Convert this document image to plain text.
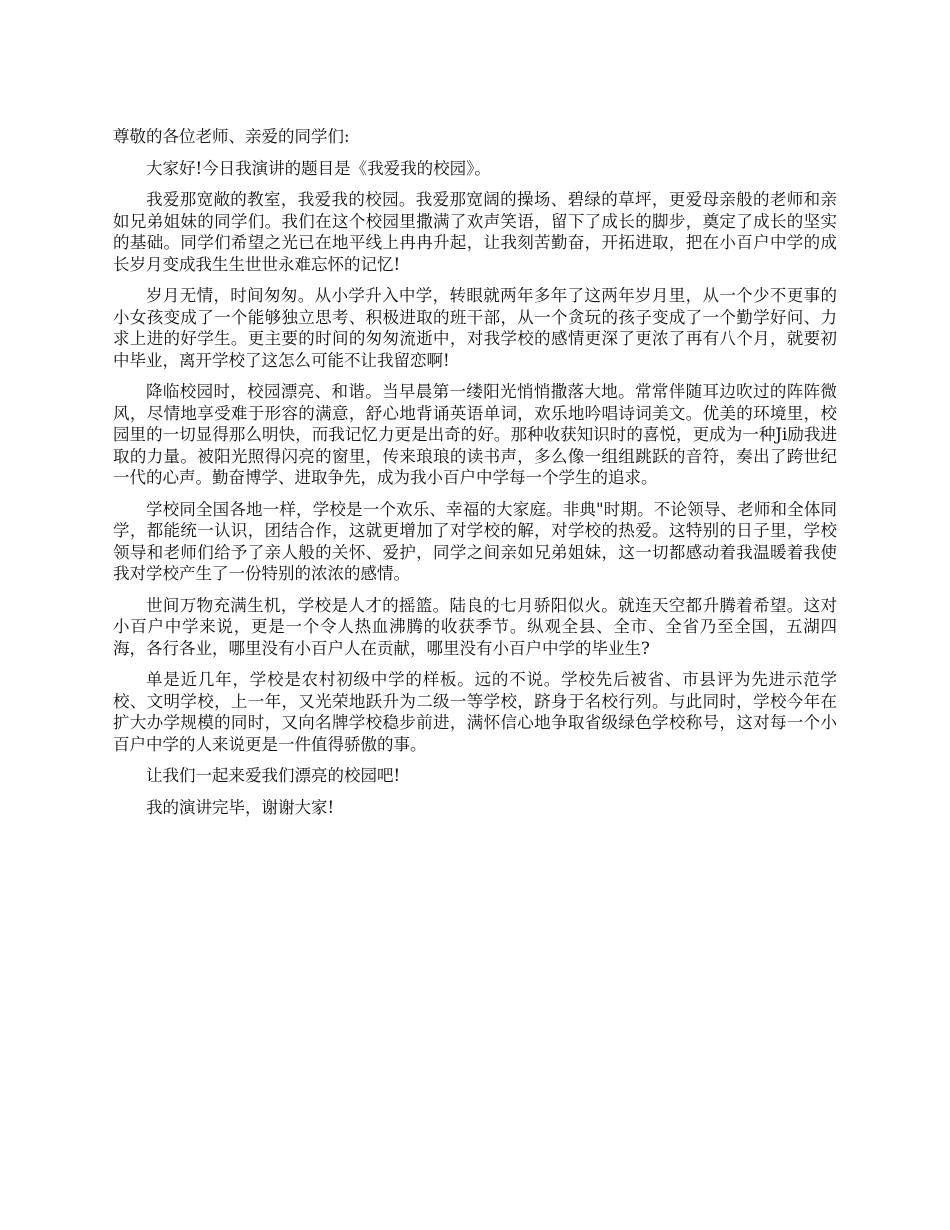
尊敬的各位老师、亲爱的同学们:

大家好!今日我演讲的题目是《我爱我的校园》。

我爱那宽敞的教室，我爱我的校园。我爱那宽阔的操场、碧绿的草坪，更爱母亲般的老师和亲如兄弟姐妹的同学们。我们在这个校园里撒满了欢声笑语，留下了成长的脚步，奠定了成长的坚实的基础。同学们希望之光已在地平线上冉冉升起，让我刻苦勤奋，开拓进取，把在小百户中学的成长岁月变成我生生世世永难忘怀的记忆!

岁月无情，时间匆匆。从小学升入中学，转眼就两年多年了这两年岁月里，从一个少不更事的小女孩变成了一个能够独立思考、积极进取的班干部，从一个贪玩的孩子变成了一个勤学好问、力求上进的好学生。更主要的时间的匆匆流逝中，对我学校的感情更深了更浓了再有八个月，就要初中毕业，离开学校了这怎么可能不让我留恋啊!

降临校园时，校园漂亮、和谐。当早晨第一缕阳光悄悄撒落大地。常常伴随耳边吹过的阵阵微风，尽情地享受难于形容的满意，舒心地背诵英语单词，欢乐地吟唱诗词美文。优美的环境里，校园里的一切显得那么明快，而我记忆力更是出奇的好。那种收获知识时的喜悦，更成为一种Ji励我进取的力量。被阳光照得闪亮的窗里，传来琅琅的读书声，多么像一组组跳跃的音符，奏出了跨世纪一代的心声。勤奋博学、进取争先，成为我小百户中学每一个学生的追求。

学校同全国各地一样，学校是一个欢乐、幸福的大家庭。非典"时期。不论领导、老师和全体同学，都能统一认识，团结合作，这就更增加了对学校的解，对学校的热爱。这特别的日子里，学校领导和老师们给予了亲人般的关怀、爱护，同学之间亲如兄弟姐妹，这一切都感动着我温暖着我使我对学校产生了一份特别的浓浓的感情。

世间万物充满生机，学校是人才的摇篮。陆良的七月骄阳似火。就连天空都升腾着希望。这对小百户中学来说，更是一个令人热血沸腾的收获季节。纵观全县、全市、全省乃至全国，五湖四海，各行各业，哪里没有小百户人在贡献，哪里没有小百户中学的毕业生?

单是近几年，学校是农村初级中学的样板。远的不说。学校先后被省、市县评为先进示范学校、文明学校，上一年，又光荣地跃升为二级一等学校，跻身于名校行列。与此同时，学校今年在扩大办学规模的同时，又向名牌学校稳步前进，满怀信心地争取省级绿色学校称号，这对每一个小百户中学的人来说更是一件值得骄傲的事。

让我们一起来爱我们漂亮的校园吧!

我的演讲完毕，谢谢大家!
